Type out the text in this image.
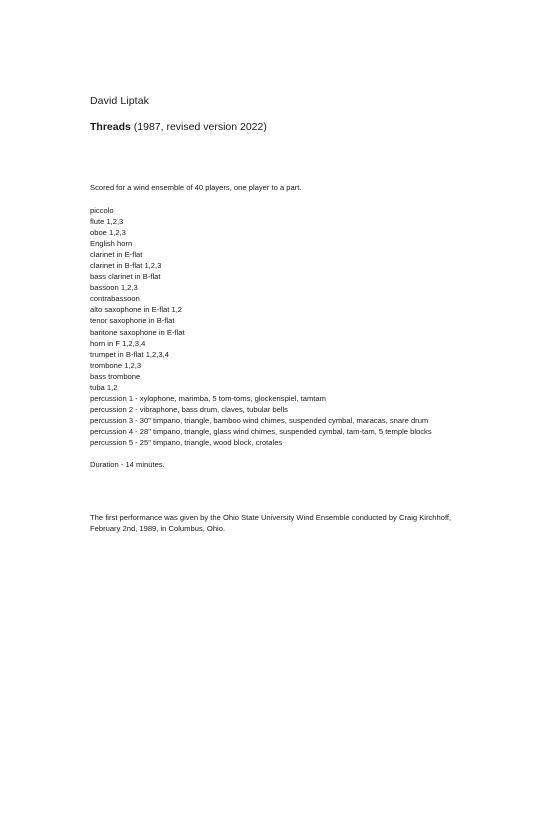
David Liptak
Threads (1987, revised version 2022)
Scored for a wind ensemble of 40 players, one player to a part.
piccolo
flute 1,2,3
oboe 1,2,3
English horn
clarinet in E-flat
clarinet in B-flat 1,2,3
bass clarinet in B-flat
bassoon 1,2,3
contrabassoon
alto saxophone in E-flat 1,2
tenor saxophone in B-flat
baritone saxophone in E-flat
horn in F 1,2,3,4
trumpet in B-flat 1,2,3,4
trombone 1,2,3
bass trombone
tuba 1,2
percussion 1 - xylophone, marimba, 5 tom-toms, glockenspiel, tamtam
percussion 2 - vibraphone, bass drum, claves, tubular bells
percussion 3 - 30" timpano, triangle, bamboo wind chimes, suspended cymbal, maracas, snare drum
percussion 4 - 28" timpano, triangle, glass wind chimes, suspended cymbal, tam-tam, 5 temple blocks
percussion 5 - 25" timpano, triangle, wood block, crotales
Duration - 14 minutes.
The first performance was given by the Ohio State University Wind Ensemble conducted by Craig Kirchhoff, February 2nd, 1989, in Columbus, Ohio.
